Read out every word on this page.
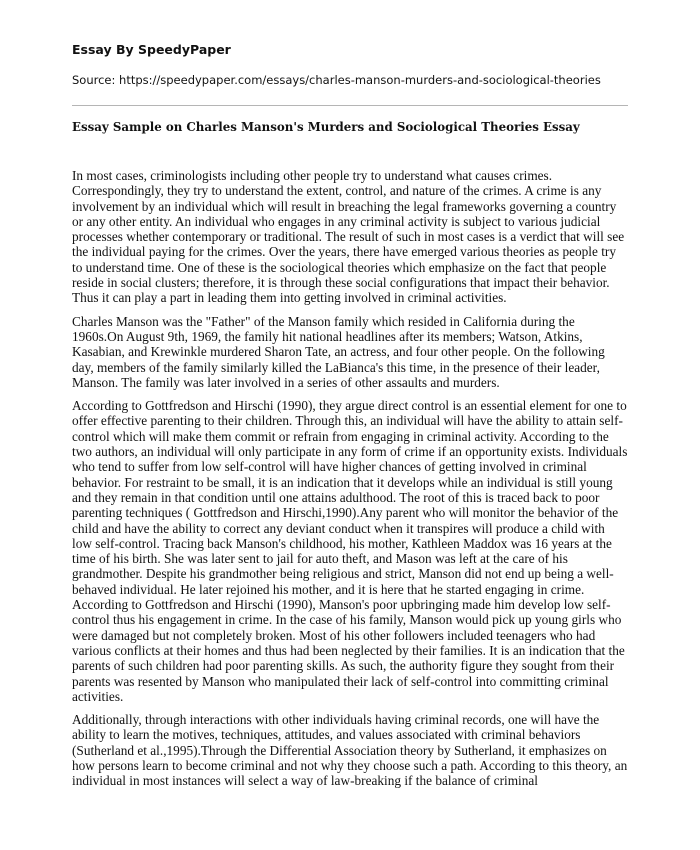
Essay By SpeedyPaper
Source: https://speedypaper.com/essays/charles-manson-murders-and-sociological-theories
Essay Sample on Charles Manson's Murders and Sociological Theories Essay

In most cases, criminologists including other people try to understand what causes crimes. Correspondingly, they try to understand the extent, control, and nature of the crimes. A crime is any involvement by an individual which will result in breaching the legal frameworks governing a country or any other entity. An individual who engages in any criminal activity is subject to various judicial processes whether contemporary or traditional. The result of such in most cases is a verdict that will see the individual paying for the crimes. Over the years, there have emerged various theories as people try to understand time. One of these is the sociological theories which emphasize on the fact that people reside in social clusters; therefore, it is through these social configurations that impact their behavior. Thus it can play a part in leading them into getting involved in criminal activities.

Charles Manson was the "Father" of the Manson family which resided in California during the 1960s.On August 9th, 1969, the family hit national headlines after its members; Watson, Atkins, Kasabian, and Krewinkle murdered Sharon Tate, an actress, and four other people. On the following day, members of the family similarly killed the LaBianca's this time, in the presence of their leader, Manson. The family was later involved in a series of other assaults and murders.

According to Gottfredson and Hirschi (1990), they argue direct control is an essential element for one to offer effective parenting to their children. Through this, an individual will have the ability to attain self-control which will make them commit or refrain from engaging in criminal activity. According to the two authors, an individual will only participate in any form of crime if an opportunity exists. Individuals who tend to suffer from low self-control will have higher chances of getting involved in criminal behavior. For restraint to be small, it is an indication that it develops while an individual is still young and they remain in that condition until one attains adulthood. The root of this is traced back to poor parenting techniques ( Gottfredson and Hirschi,1990).Any parent who will monitor the behavior of the child and have the ability to correct any deviant conduct when it transpires will produce a child with low self-control. Tracing back Manson's childhood, his mother, Kathleen Maddox was 16 years at the time of his birth. She was later sent to jail for auto theft, and Mason was left at the care of his grandmother. Despite his grandmother being religious and strict, Manson did not end up being a well-behaved individual. He later rejoined his mother, and it is here that he started engaging in crime. According to Gottfredson and Hirschi (1990), Manson's poor upbringing made him develop low self-control thus his engagement in crime. In the case of his family, Manson would pick up young girls who were damaged but not completely broken. Most of his other followers included teenagers who had various conflicts at their homes and thus had been neglected by their families. It is an indication that the parents of such children had poor parenting skills. As such, the authority figure they sought from their parents was resented by Manson who manipulated their lack of self-control into committing criminal activities.

Additionally, through interactions with other individuals having criminal records, one will have the ability to learn the motives, techniques, attitudes, and values associated with criminal behaviors (Sutherland et al.,1995).Through the Differential Association theory by Sutherland, it emphasizes on how persons learn to become criminal and not why they choose such a path. According to this theory, an individual in most instances will select a way of law-breaking if the balance of criminal
